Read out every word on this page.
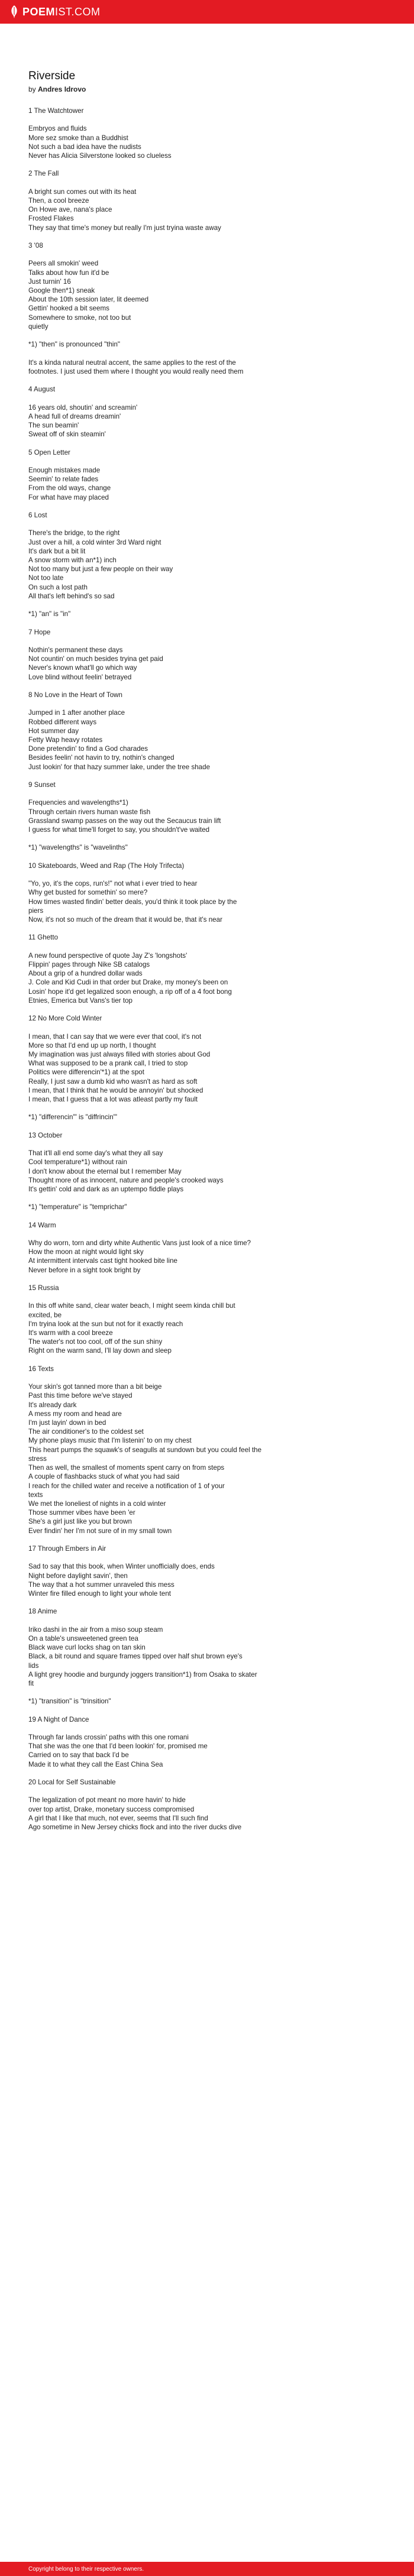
POEM IST.COM
Riverside
by Andres Idrovo
1 The Watchtower
Embryos and fluids
More sez smoke than a Buddhist
Not such a bad idea have the nudists
Never has Alicia Silverstone looked so clueless
2 The Fall
A bright sun comes out with its heat
Then, a cool breeze
On Howe ave, nana's place
Frosted Flakes
They say that time's money but really I'm just tryina waste away
3 '08
Peers all smokin' weed
Talks about how fun it'd be
Just turnin' 16
Google then*1) sneak
About the 10th session later, lit deemed
Gettin' hooked a bit seems
Somewhere to smoke, not too but
quietly
*1) "then" is pronounced "thin"
It's a kinda natural neutral accent, the same applies to the rest of the
footnotes. I just used them where I thought you would really need them
4 August
16 years old, shoutin' and screamin'
A head full of dreams dreamin'
The sun beamin'
Sweat off of skin steamin'
5 Open Letter
Enough mistakes made
Seemin' to relate fades
From the old ways, change
For what have may placed
6 Lost
There's the bridge, to the right
Just over a hill, a cold winter 3rd Ward night
It's dark but a bit lit
A snow storm with an*1) inch
Not too many but just a few people on their way
Not too late
On such a lost path
All that's left behind's so sad
*1) "an" is "in"
7 Hope
Nothin's permanent these days
Not countin' on much besides tryina get paid
Never's known what'll go which way
Love blind without feelin' betrayed
8 No Love in the Heart of Town
Jumped in 1 after another place
Robbed different ways
Hot summer day
Fetty Wap heavy rotates
Done pretendin' to find a God charades
Besides feelin' not havin to try, nothin's changed
Just lookin' for that hazy summer lake, under the tree shade
9 Sunset
Frequencies and wavelengths*1)
Through certain rivers human waste fish
Grassland swamp passes on the way out the Secaucus train lift
I guess for what time'll forget to say, you shouldn't've waited
*1) "wavelengths" is "wavelinths"
10 Skateboards, Weed and Rap (The Holy Trifecta)
"Yo, yo, it's the cops, run's!" not what i ever tried to hear
Why get busted for somethin' so mere?
How times wasted findin' better deals, you'd think it took place by the
piers
Now, it's not so much of the dream that it would be, that it's near
11 Ghetto
A new found perspective of quote Jay Z's 'longshots'
Flippin' pages through Nike SB catalogs
About a grip of a hundred dollar wads
J. Cole and Kid Cudi in that order but Drake, my money's been on
Losin' hope it'd get legalized soon enough, a rip off of a 4 foot bong
Etnies, Emerica but Vans's tier top
12 No More Cold Winter
I mean, that I can say that we were ever that cool, it's not
More so that I'd end up up north, I thought
My imagination was just always filled with stories about God
What was supposed to be a prank call, I tried to stop
Politics were differencin'*1) at the spot
Really, I just saw a dumb kid who wasn't as hard as soft
I mean, that I think that he would be annoyin' but shocked
I mean, that I guess that a lot was atleast partly my fault
*1) "differencin'" is "diffrincin'"
13 October
That it'll all end some day's what they all say
Cool temperature*1) without rain
I don't know about the eternal but I remember May
Thought more of as innocent, nature and people's crooked ways
It's gettin' cold and dark as an uptempo fiddle plays
*1) "temperature" is "temprichar"
14 Warm
Why do worn, torn and dirty white Authentic Vans just look of a nice time?
How the moon at night would light sky
At intermittent intervals cast tight hooked bite line
Never before in a sight took bright by
15 Russia
In this off white sand, clear water beach, I might seem kinda chill but
excited, be
I'm tryina look at the sun but not for it exactly reach
It's warm with a cool breeze
The water's not too cool, off of the sun shiny
Right on the warm sand, I'll lay down and sleep
16 Texts
Your skin's got tanned more than a bit beige
Past this time before we've stayed
It's already dark
A mess my room and head are
I'm just layin' down in bed
The air conditioner's to the coldest set
My phone plays music that I'm listenin' to on my chest
This heart pumps the squawk's of seagulls at sundown but you could feel the
stress
Then as well, the smallest of moments spent carry on from steps
A couple of flashbacks stuck of what you had said
I reach for the chilled water and receive a notification of 1 of your
texts
We met the loneliest of nights in a cold winter
Those summer vibes have been 'er
She's a girl just like you but brown
Ever findin' her I'm not sure of in my small town
17 Through Embers in Air
Sad to say that this book, when Winter unofficially does, ends
Night before daylight savin', then
The way that a hot summer unraveled this mess
Winter fire filled enough to light your whole tent
18 Anime
Iriko dashi in the air from a miso soup steam
On a table's unsweetened green tea
Black wave curl locks shag on tan skin
Black, a bit round and square frames tipped over half shut brown eye's
lids
A light grey hoodie and burgundy joggers transition*1) from Osaka to skater
fit
*1) "transition" is "trinsition"
19 A Night of Dance
Through far lands crossin' paths with this one romani
That she was the one that I'd been lookin' for, promised me
Carried on to say that back I'd be
Made it to what they call the East China Sea
20 Local for Self Sustainable
The legalization of pot meant no more havin' to hide
over top artist, Drake, monetary success compromised
A girl that I like that much, not ever, seems that I'll such find
Ago sometime in New Jersey chicks flock and into the river ducks dive
Copyright belong to their respective owners.
